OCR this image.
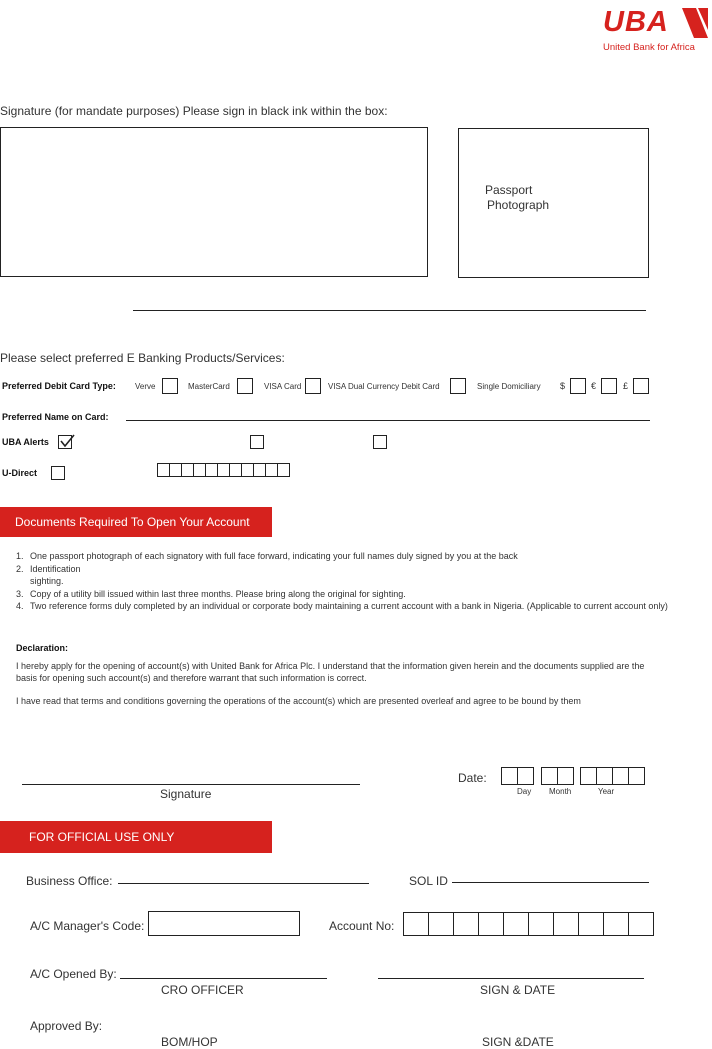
UBA
United Bank for Africa
Signature (for mandate purposes) Please sign in black ink within the box:
Passport
Photograph
Please select preferred E Banking Products/Services:
Preferred Debit Card Type: Verve	MasterCard	VISA Card	VISA Dual Currency Debit Card	Single Domiciliary $	€	£
Preferred Name on Card:
UBA Alerts
U-Direct
Documents Required To Open Your Account
1. One passport photograph of each signatory with full face forward, indicating your full names duly signed by you at the back
2. Identification
sighting.
3. Copy of a utility bill issued within last three months. Please bring along the original for sighting.
4. Two reference forms duly completed by an individual or corporate body maintaining a current account with a bank in Nigeria. (Applicable to current account only)
Declaration:
I hereby apply for the opening of account(s) with United Bank for Africa Plc. I understand that the information given herein and the documents supplied are the basis for opening such account(s) and therefore warrant that such information is correct.
I have read that terms and conditions governing the operations of the account(s) which are presented overleaf and agree to be bound by them
Signature
Date:
Day Month	Year
FOR OFFICIAL USE ONLY
Business Office:	SOL ID
A/C Manager's Code:	Account No:
A/C Opened By:
CRO OFFICER	SIGN & DATE
Approved By:
BOM/HOP	SIGN &DATE
